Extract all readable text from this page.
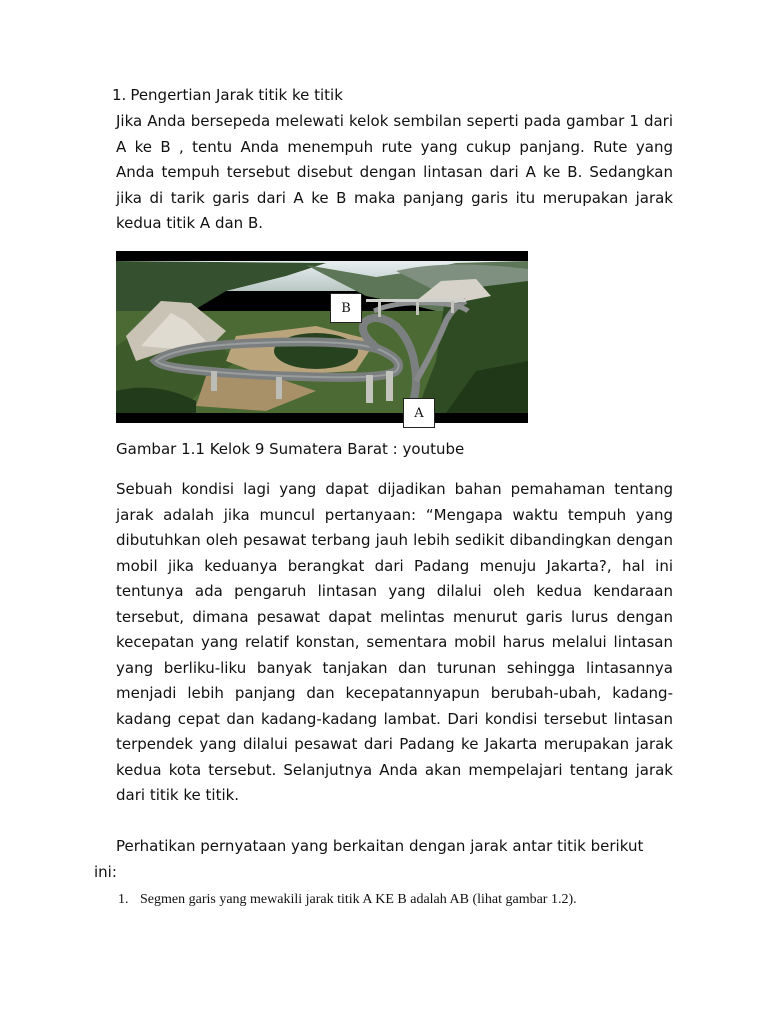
1. Pengertian Jarak titik ke titik
Jika Anda bersepeda melewati kelok sembilan seperti pada gambar 1 dari A ke B , tentu Anda menempuh rute yang cukup panjang. Rute yang Anda tempuh tersebut disebut dengan lintasan dari A ke B. Sedangkan jika di tarik garis dari A ke B maka panjang garis itu merupakan jarak kedua titik A dan B.
B
A
Gambar 1.1 Kelok 9 Sumatera Barat : youtube
Sebuah kondisi lagi yang dapat dijadikan bahan pemahaman tentang jarak adalah jika muncul pertanyaan: “Mengapa waktu tempuh yang dibutuhkan oleh pesawat terbang jauh lebih sedikit dibandingkan dengan mobil jika keduanya berangkat dari Padang menuju Jakarta?, hal ini tentunya ada pengaruh lintasan yang dilalui oleh kedua kendaraan tersebut, dimana pesawat dapat melintas menurut garis lurus dengan kecepatan yang relatif konstan, sementara mobil harus melalui lintasan yang berliku-liku banyak tanjakan dan turunan sehingga lintasannya menjadi lebih panjang dan kecepatannyapun berubah-ubah, kadang-kadang cepat dan kadang-kadang lambat. Dari kondisi tersebut lintasan terpendek yang dilalui pesawat dari Padang ke Jakarta merupakan jarak kedua kota tersebut. Selanjutnya Anda akan mempelajari tentang jarak dari titik ke titik.
Perhatikan pernyataan yang berkaitan dengan jarak antar titik berikut
ini:
1. Segmen garis yang mewakili jarak titik A KE B adalah AB (lihat gambar 1.2).
